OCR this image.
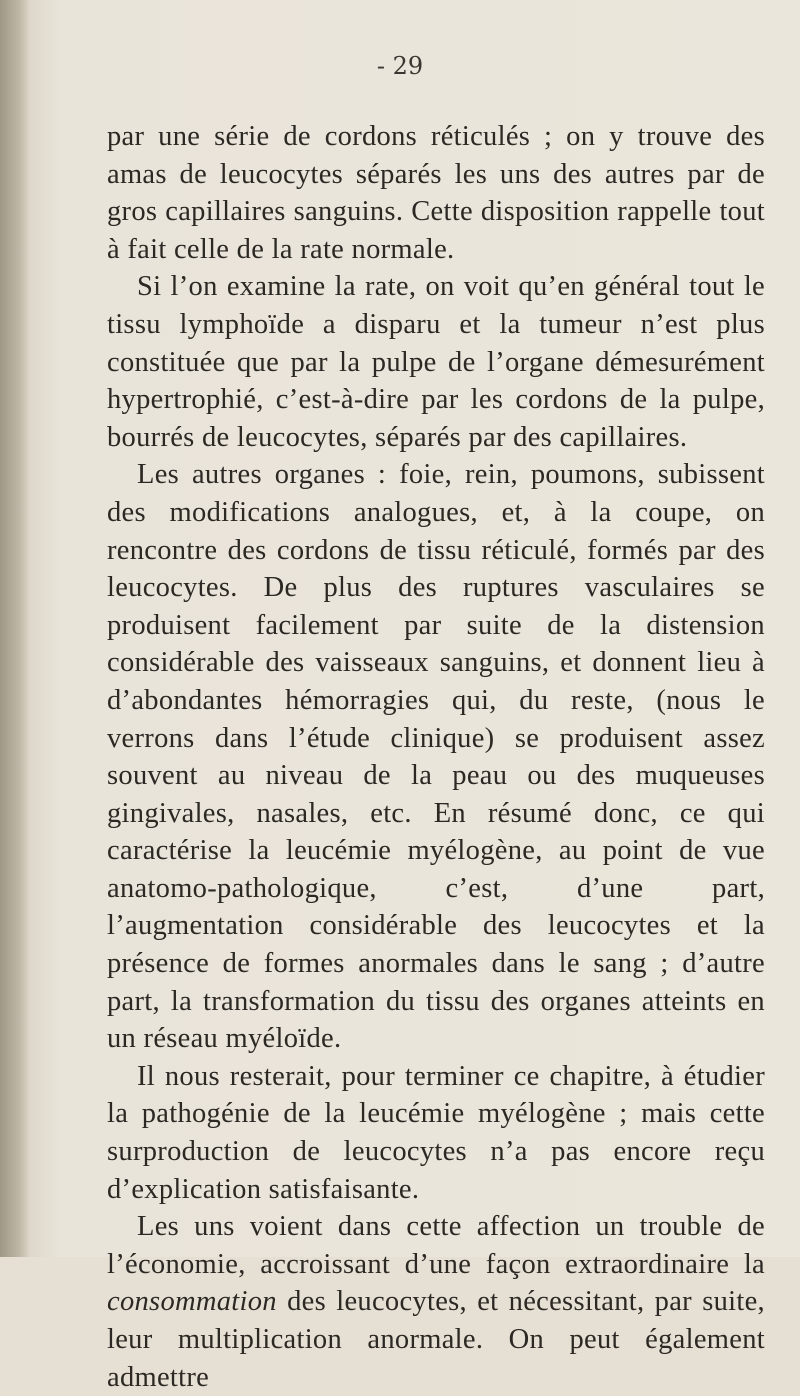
- 29

par une série de cordons réticulés ; on y trouve des amas de leucocytes séparés les uns des autres par de gros capillaires sanguins. Cette disposition rappelle tout à fait celle de la rate normale.

Si l’on examine la rate, on voit qu’en général tout le tissu lymphoïde a disparu et la tumeur n’est plus constituée que par la pulpe de l’organe démesurément hypertrophié, c’est-à-dire par les cordons de la pulpe, bourrés de leucocytes, séparés par des capillaires.

Les autres organes : foie, rein, poumons, subissent des modifications analogues, et, à la coupe, on rencontre des cordons de tissu réticulé, formés par des leucocytes. De plus des ruptures vasculaires se produisent facilement par suite de la distension considérable des vaisseaux sanguins, et donnent lieu à d’abondantes hémorragies qui, du reste, (nous le verrons dans l’étude clinique) se produisent assez souvent au niveau de la peau ou des muqueuses gingivales, nasales, etc. En résumé donc, ce qui caractérise la leucémie myélogène, au point de vue anatomo-pathologique, c’est, d’une part, l’augmentation considérable des leucocytes et la présence de formes anormales dans le sang ; d’autre part, la transformation du tissu des organes atteints en un réseau myéloïde.

Il nous resterait, pour terminer ce chapitre, à étudier la pathogénie de la leucémie myélogène ; mais cette surproduction de leucocytes n’a pas encore reçu d’explication satisfaisante.

Les uns voient dans cette affection un trouble de l’économie, accroissant d’une façon extraordinaire la consommation des leucocytes, et nécessitant, par suite, leur multiplication anormale. On peut également admettre
